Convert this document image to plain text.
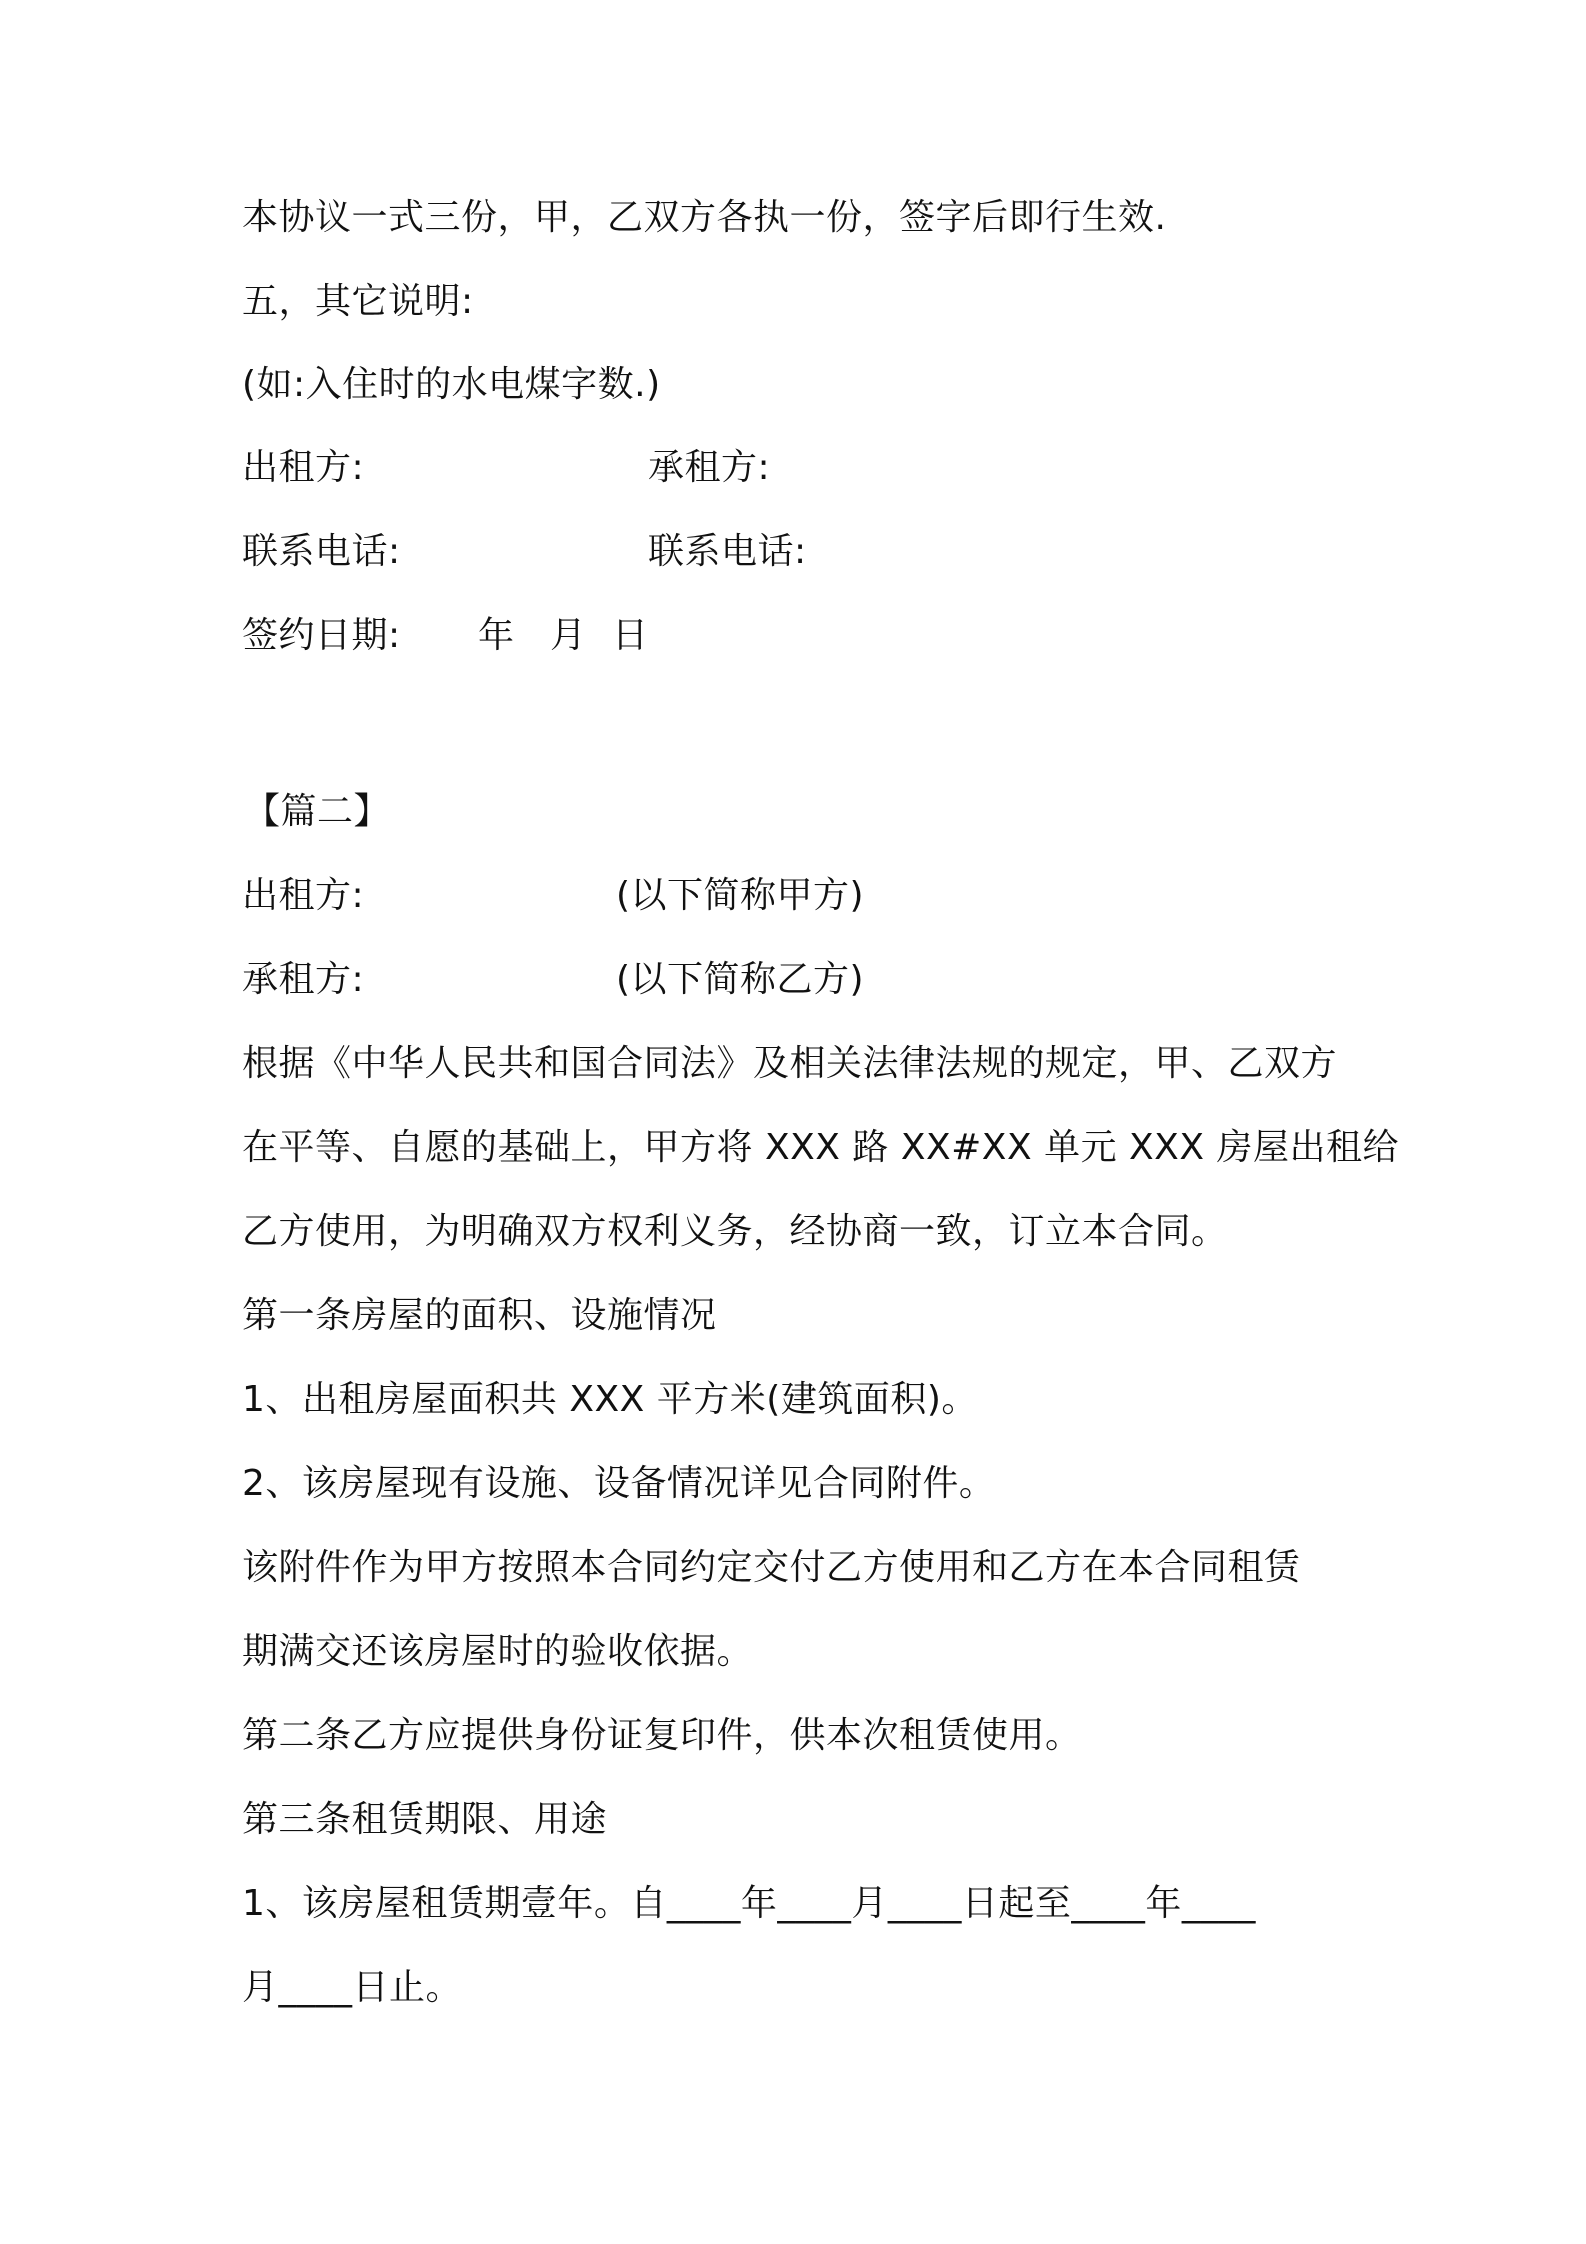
本协议一式三份，甲，乙双方各执一份，签字后即行生效.
五，其它说明:
(如:入住时的水电煤字数.)
出租方:	承租方:
联系电话:	联系电话:
签约日期: 年 月 日
【篇二】
出租方:	(以下简称甲方)
承租方:	(以下简称乙方)
根据《中华人民共和国合同法》及相关法律法规的规定，甲、乙双方
在平等、自愿的基础上，甲方将 XXX 路 XX#XX 单元 XXX 房屋出租给
乙方使用，为明确双方权利义务，经协商一致，订立本合同。
第一条房屋的面积、设施情况
1、出租房屋面积共 XXX 平方米(建筑面积)。
2、该房屋现有设施、设备情况详见合同附件。
该附件作为甲方按照本合同约定交付乙方使用和乙方在本合同租赁
期满交还该房屋时的验收依据。
第二条乙方应提供身份证复印件，供本次租赁使用。
第三条租赁期限、用途
1、该房屋租赁期壹年。自____年____月____日起至____年____
月____日止。
